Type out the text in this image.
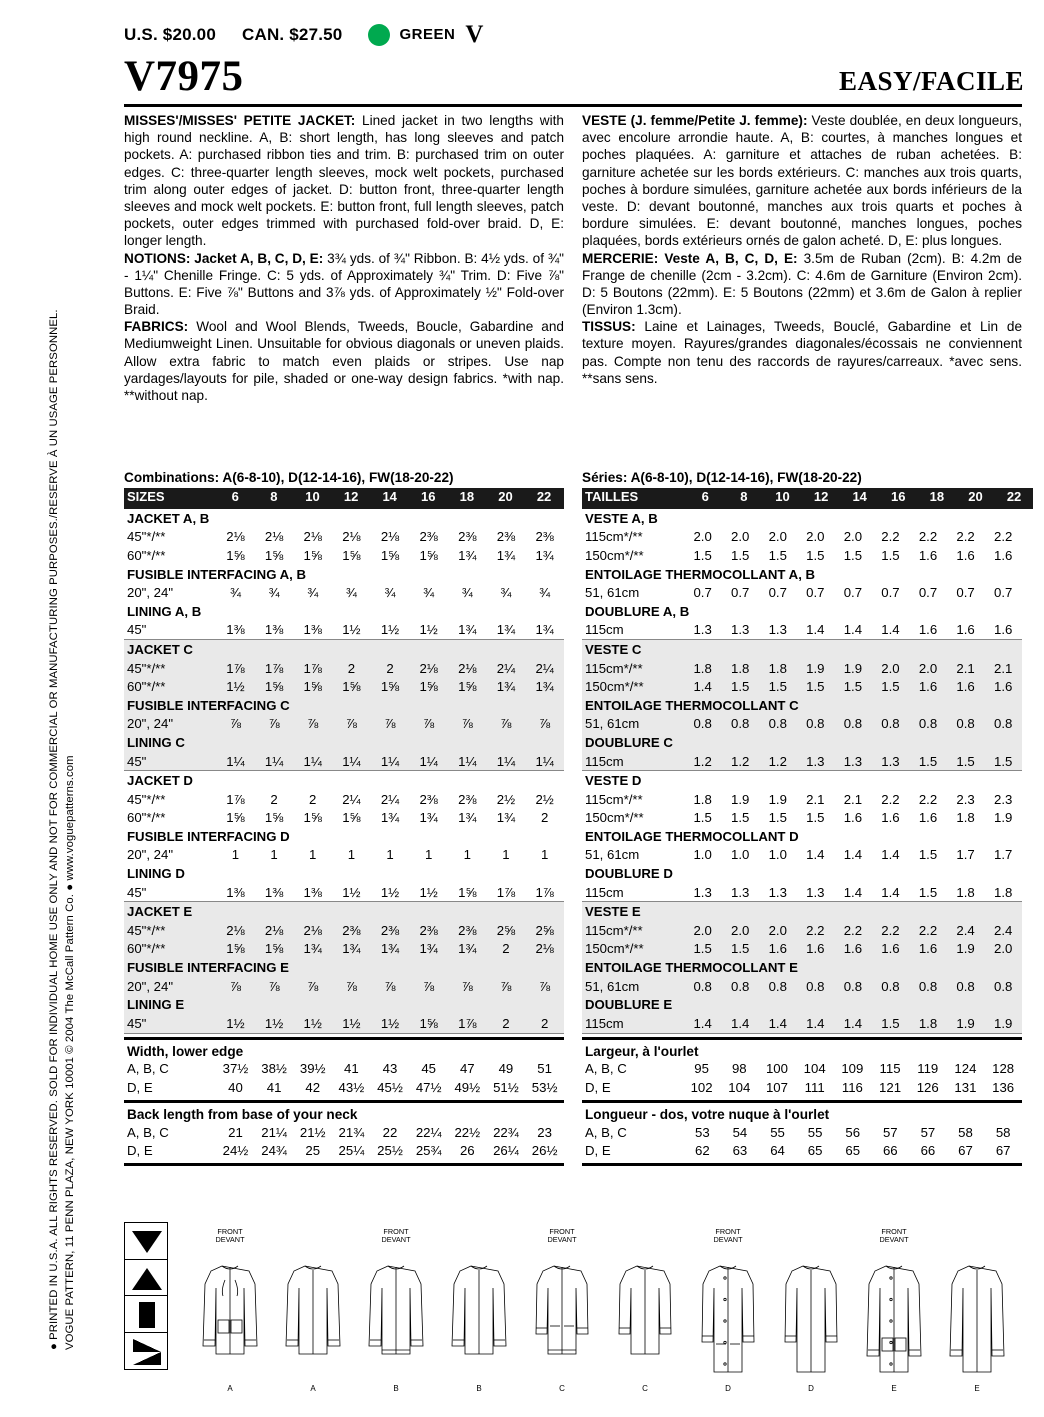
VOGUE PATTERN, 11 PENN PLAZA, NEW YORK 10001 © 2004 The McCall Pattern Co. ● www.voguepatterns.com
● PRINTED IN U.S.A. ALL RIGHTS RESERVED. SOLD FOR INDIVIDUAL HOME USE ONLY AND NOT FOR COMMERCIAL OR MANUFACTURING PURPOSES./RESERVE À UN USAGE PERSONNEL.
U.S. $20.00 CAN. $27.50	GREEN V
V7975	EASY/FACILE

MISSES'/MISSES' PETITE JACKET: Lined jacket in two lengths with high round neckline. A, B: short length, has long sleeves and patch pockets. A: purchased ribbon ties and trim. B: purchased trim on outer edges. C: three-quarter length sleeves, mock welt pockets, purchased trim along outer edges of jacket. D: button front, three-quarter length sleeves and mock welt pockets. E: button front, full length sleeves, patch pockets, outer edges trimmed with purchased fold-over braid. D, E: longer length.

NOTIONS: Jacket A, B, C, D, E: 3¾ yds. of ¾" Ribbon. B: 4½ yds. of ¾" - 1¼" Chenille Fringe. C: 5 yds. of Approximately ¾" Trim. D: Five ⅞" Buttons. E: Five ⅞" Buttons and 3⅞ yds. of Approximately ½" Fold-over Braid.

FABRICS: Wool and Wool Blends, Tweeds, Boucle, Gabardine and Mediumweight Linen. Unsuitable for obvious diagonals or uneven plaids. Allow extra fabric to match even plaids or stripes. Use nap yardages/layouts for pile, shaded or one-way design fabrics. *with nap. **without nap.

VESTE (J. femme/Petite J. femme): Veste doublée, en deux longueurs, avec encolure arrondie haute. A, B: courtes, à manches longues et poches plaquées. A: garniture et attaches de ruban achetées. B: garniture achetée sur les bords extérieurs. C: manches aux trois quarts, poches à bordure simulées, garniture achetée aux bords inférieurs de la veste. D: devant boutonné, manches aux trois quarts et poches à bordure simulées. E: devant boutonné, manches longues, poches plaquées, bords extérieurs ornés de galon acheté. D, E: plus longues.

MERCERIE: Veste A, B, C, D, E: 3.5m de Ruban (2cm). B: 4.2m de Frange de chenille (2cm - 3.2cm). C: 4.6m de Garniture (Environ 2cm). D: 5 Boutons (22mm). E: 5 Boutons (22mm) et 3.6m de Galon à replier (Environ 1.3cm).

TISSUS: Laine et Lainages, Tweeds, Bouclé, Gabardine et Lin de texture moyen. Rayures/grandes diagonales/écossais ne conviennent pas. Compte non tenu des raccords de rayures/carreaux. *avec sens. **sans sens.

Combinations: A(6-8-10), D(12-14-16), FW(18-20-22)
SIZES	6	8	10	12	14	16	18	20	22
JACKET A, B									
45"*/**	2⅛	2⅛	2⅛	2⅛	2⅛	2⅜	2⅜	2⅜	2⅜
60"*/**	1⅝	1⅝	1⅝	1⅝	1⅝	1⅝	1¾	1¾	1¾
FUSIBLE INTERFACING A, B									
20", 24"	¾	¾	¾	¾	¾	¾	¾	¾	¾
LINING A, B									
45"	1⅜	1⅜	1⅜	1½	1½	1½	1¾	1¾	1¾
JACKET C									
45"*/**	1⅞	1⅞	1⅞	2	2	2⅛	2⅛	2¼	2¼
60"*/**	1½	1⅝	1⅝	1⅝	1⅝	1⅝	1⅝	1¾	1¾
FUSIBLE INTERFACING C									
20", 24"	⅞	⅞	⅞	⅞	⅞	⅞	⅞	⅞	⅞
LINING C									
45"	1¼	1¼	1¼	1¼	1¼	1¼	1¼	1¼	1¼
JACKET D									
45"*/**	1⅞	2	2	2¼	2¼	2⅜	2⅜	2½	2½
60"*/**	1⅝	1⅝	1⅝	1⅝	1¾	1¾	1¾	1¾	2
FUSIBLE INTERFACING D									
20", 24"	1	1	1	1	1	1	1	1	1
LINING D									
45"	1⅜	1⅜	1⅜	1½	1½	1½	1⅝	1⅞	1⅞
JACKET E									
45"*/**	2⅛	2⅛	2⅛	2⅜	2⅜	2⅜	2⅜	2⅝	2⅝
60"*/**	1⅝	1⅝	1¾	1¾	1¾	1¾	1¾	2	2⅛
FUSIBLE INTERFACING E									
20", 24"	⅞	⅞	⅞	⅞	⅞	⅞	⅞	⅞	⅞
LINING E									
45"	1½	1½	1½	1½	1½	1⅝	1⅞	2	2
Width, lower edge
A, B, C	37½	38½	39½	41	43	45	47	49	51
D, E	40	41	42	43½	45½	47½	49½	51½	53½
Back length from base of your neck
A, B, C	21	21¼	21½	21¾	22	22¼	22½	22¾	23
D, E	24½	24¾	25	25¼	25½	25¾	26	26¼	26½
Séries: A(6-8-10), D(12-14-16), FW(18-20-22)
TAILLES	6	8	10	12	14	16	18	20	22
VESTE A, B									
115cm*/**	2.0	2.0	2.0	2.0	2.0	2.2	2.2	2.2	2.2
150cm*/**	1.5	1.5	1.5	1.5	1.5	1.5	1.6	1.6	1.6
ENTOILAGE THERMOCOLLANT A, B									
51, 61cm	0.7	0.7	0.7	0.7	0.7	0.7	0.7	0.7	0.7
DOUBLURE A, B									
115cm	1.3	1.3	1.3	1.4	1.4	1.4	1.6	1.6	1.6
VESTE C									
115cm*/**	1.8	1.8	1.8	1.9	1.9	2.0	2.0	2.1	2.1
150cm*/**	1.4	1.5	1.5	1.5	1.5	1.5	1.6	1.6	1.6
ENTOILAGE THERMOCOLLANT C									
51, 61cm	0.8	0.8	0.8	0.8	0.8	0.8	0.8	0.8	0.8
DOUBLURE C									
115cm	1.2	1.2	1.2	1.3	1.3	1.3	1.5	1.5	1.5
VESTE D									
115cm*/**	1.8	1.9	1.9	2.1	2.1	2.2	2.2	2.3	2.3
150cm*/**	1.5	1.5	1.5	1.5	1.6	1.6	1.6	1.8	1.9
ENTOILAGE THERMOCOLLANT D									
51, 61cm	1.0	1.0	1.0	1.4	1.4	1.4	1.5	1.7	1.7
DOUBLURE D									
115cm	1.3	1.3	1.3	1.3	1.4	1.4	1.5	1.8	1.8
VESTE E									
115cm*/**	2.0	2.0	2.0	2.2	2.2	2.2	2.2	2.4	2.4
150cm*/**	1.5	1.5	1.6	1.6	1.6	1.6	1.6	1.9	2.0
ENTOILAGE THERMOCOLLANT E									
51, 61cm	0.8	0.8	0.8	0.8	0.8	0.8	0.8	0.8	0.8
DOUBLURE E									
115cm	1.4	1.4	1.4	1.4	1.4	1.5	1.8	1.9	1.9
Largeur, à l'ourlet
A, B, C	95	98	100	104	109	115	119	124	128
D, E	102	104	107	111	116	121	126	131	136
Longueur - dos, votre nuque à l'ourlet
A, B, C	53	54	55	55	56	57	57	58	58
D, E	62	63	64	65	65	66	66	67	67
FRONT
DEVANT
A	A
FRONT
DEVANT
B	B
FRONT
DEVANT
C	C
FRONT
DEVANT
D	D
FRONT
DEVANT
E	E
